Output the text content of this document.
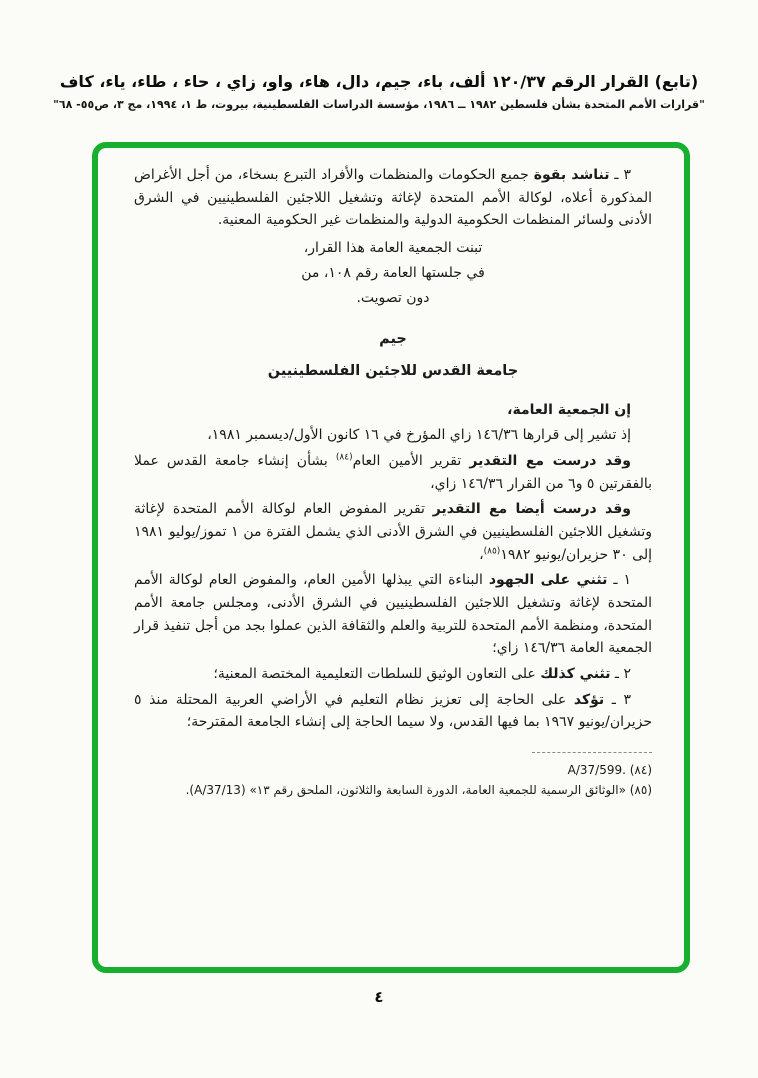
(تابع) القرار الرقم ١٢٠/٣٧ ألف، باء، جيم، دال، هاء، واو، زاي ، حاء ، طاء، ياء، كاف
"قرارات الأمم المتحدة بشأن فلسطين ١٩٨٢ ــ ١٩٨٦، مؤسسة الدراسات الفلسطينية، بيروت، ط ١، ١٩٩٤، مج ٣، ص٥٥- ٦٨"

٣ ـ تناشد بقوة جميع الحكومات والمنظمات والأفراد التبرع بسخاء، من أجل الأغراض المذكورة أعلاه، لوكالة الأمم المتحدة لإغاثة وتشغيل اللاجئين الفلسطينيين في الشرق الأدنى ولسائر المنظمات الحكومية الدولية والمنظمات غير الحكومية المعنية.

تبنت الجمعية العامة هذا القرار،
في جلستها العامة رقم ١٠٨، من
دون تصويت.
جيم
جامعة القدس للاجئين الفلسطينيين

إن الجمعية العامة،

إذ تشير إلى قرارها ١٤٦/٣٦ زاي المؤرخ في ١٦ كانون الأول/ديسمبر ١٩٨١،

وقد درست مع التقدير تقرير الأمين العام$^{(٨٤)}$ بشأن إنشاء جامعة القدس عملا بالفقرتين ٥ و٦ من القرار ١٤٦/٣٦ زاي،

وقد درست أيضا مع التقدير تقرير المفوض العام لوكالة الأمم المتحدة لإغاثة وتشغيل اللاجئين الفلسطينيين في الشرق الأدنى الذي يشمل الفترة من ١ تموز/يوليو ١٩٨١ إلى ٣٠ حزيران/يونيو ١٩٨٢$^{(٨٥)}$،

١ ـ تثني على الجهود البناءة التي يبذلها الأمين العام، والمفوض العام لوكالة الأمم المتحدة لإغاثة وتشغيل اللاجئين الفلسطينيين في الشرق الأدنى، ومجلس جامعة الأمم المتحدة، ومنظمة الأمم المتحدة للتربية والعلم والثقافة الذين عملوا بجد من أجل تنفيذ قرار الجمعية العامة ١٤٦/٣٦ زاي؛

٢ ـ تثني كذلك على التعاون الوثيق للسلطات التعليمية المختصة المعنية؛

٣ ـ تؤكد على الحاجة إلى تعزيز نظام التعليم في الأراضي العربية المحتلة منذ ٥ حزيران/يونيو ١٩٦٧ بما فيها القدس، ولا سيما الحاجة إلى إنشاء الجامعة المقترحة؛

(٨٤) A/37/599.
(٨٥) «الوثائق الرسمية للجمعية العامة، الدورة السابعة والثلاثون، الملحق رقم ١٣» (A/37/13).
٤
